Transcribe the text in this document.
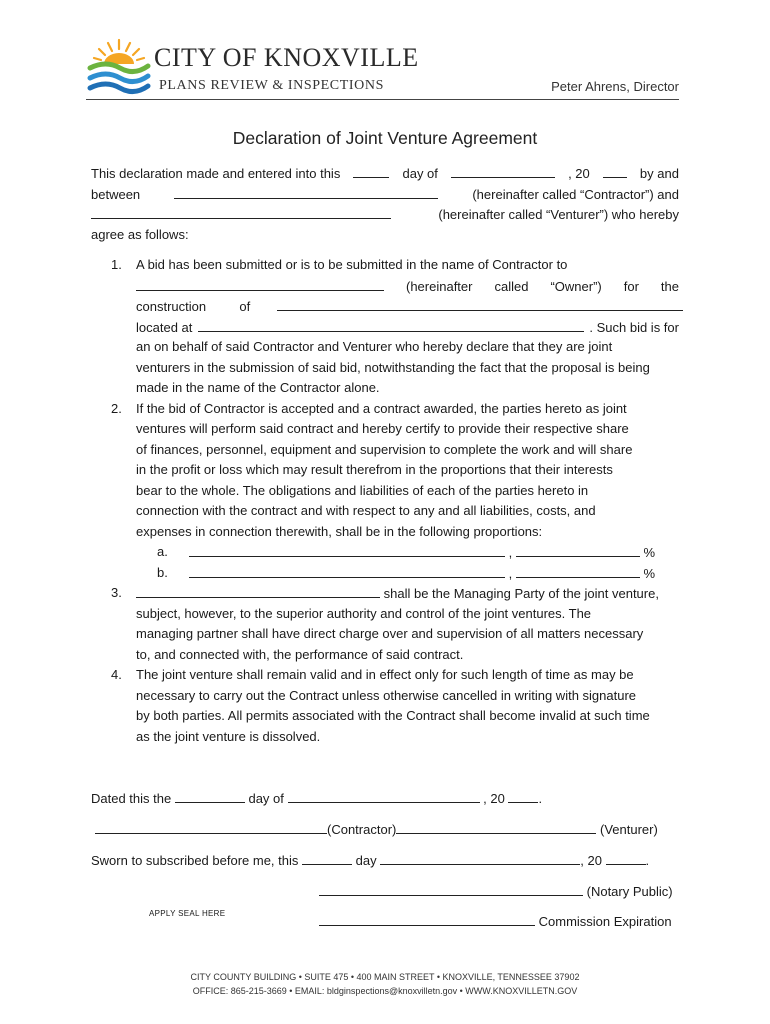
CITY OF KNOXVILLE
PLANS REVIEW & INSPECTIONS	Peter Ahrens, Director
Declaration of Joint Venture Agreement
This declaration made and entered into this	day of	, 20	by and
between	(hereinafter called “Contractor”) and
(hereinafter called “Venturer”) who hereby
agree as follows:
1. A bid has been submitted or is to be submitted in the name of Contractor to
(hereinafter called “Owner”) for the
construction	of
located at	. Such bid is for
an on behalf of said Contractor and Venturer who hereby declare that they are joint
venturers in the submission of said bid, notwithstanding the fact that the proposal is being
made in the name of the Contractor alone.
2. If the bid of Contractor is accepted and a contract awarded, the parties hereto as joint
ventures will perform said contract and hereby certify to provide their respective share
of finances, personnel, equipment and supervision to complete the work and will share
in the profit or loss which may result therefrom in the proportions that their interests
bear to the whole. The obligations and liabilities of each of the parties hereto in
connection with the contract and with respect to any and all liabilities, costs, and
expenses in connection therewith, shall be in the following proportions:
a.	,	%
b.	,	%
3.	shall be the Managing Party of the joint venture,
subject, however, to the superior authority and control of the joint ventures. The
managing partner shall have direct charge over and supervision of all matters necessary
to, and connected with, the performance of said contract.
4. The joint venture shall remain valid and in effect only for such length of time as may be
necessary to carry out the Contract unless otherwise cancelled in writing with signature
by both parties. All permits associated with the Contract shall become invalid at such time
as the joint venture is dissolved.
Dated this the	day of	, 20	.
(Contractor)	(Venturer)
Sworn to subscribed before me, this	day	, 20	.
(Notary Public)
APPLY SEAL HERE
Commission Expiration
CITY COUNTY BUILDING • SUITE 475 • 400 MAIN STREET • KNOXVILLE, TENNESSEE 37902
OFFICE: 865-215-3669 • EMAIL: bldginspections@knoxvilletn.gov • WWW.KNOXVILLETN.GOV
